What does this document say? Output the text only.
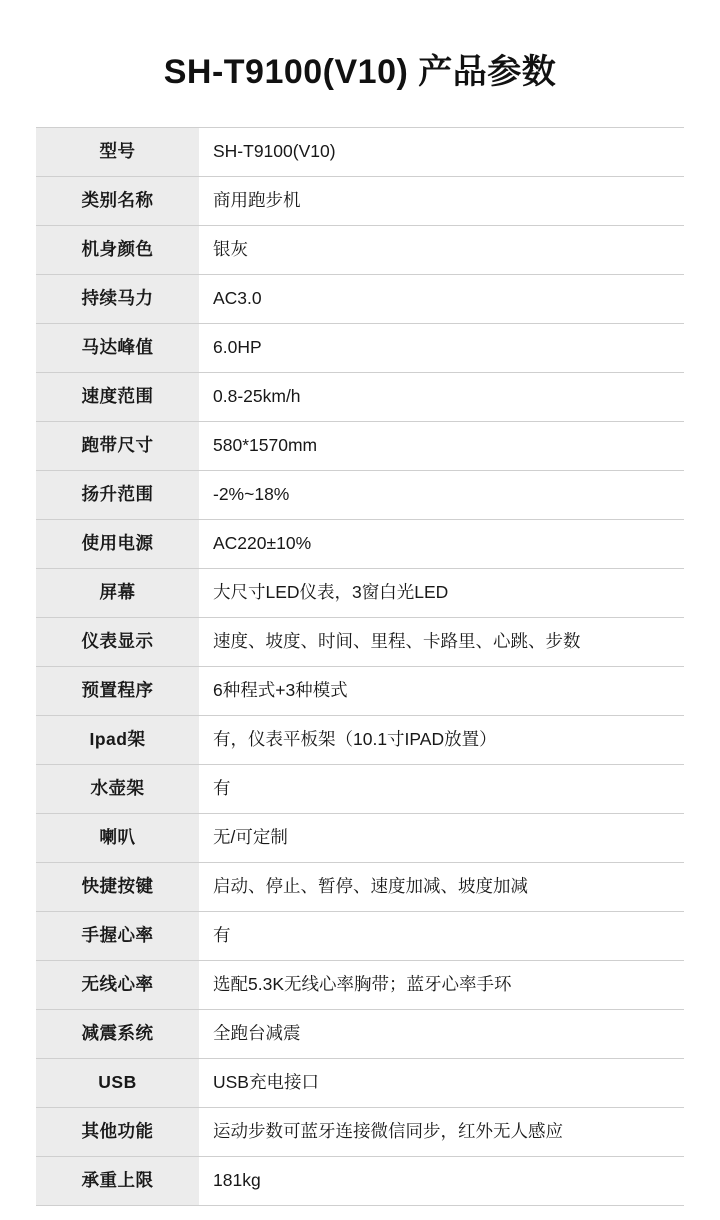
SH-T9100(V10) 产品参数
型号	SH-T9100(V10)
类别名称	商用跑步机
机身颜色	银灰
持续马力	AC3.0
马达峰值	6.0HP
速度范围	0.8-25km/h
跑带尺寸	580*1570mm
扬升范围	-2%~18%
使用电源	AC220±10%
屏幕	大尺寸LED仪表，3窗白光LED
仪表显示	速度、坡度、时间、里程、卡路里、心跳、步数
预置程序	6种程式+3种模式
Ipad架	有，仪表平板架（10.1寸IPAD放置）
水壶架	有
喇叭	无/可定制
快捷按键	启动、停止、暂停、速度加减、坡度加减
手握心率	有
无线心率	选配5.3K无线心率胸带；蓝牙心率手环
减震系统	全跑台减震
USB	USB充电接口
其他功能	运动步数可蓝牙连接微信同步，红外无人感应
承重上限	181kg
